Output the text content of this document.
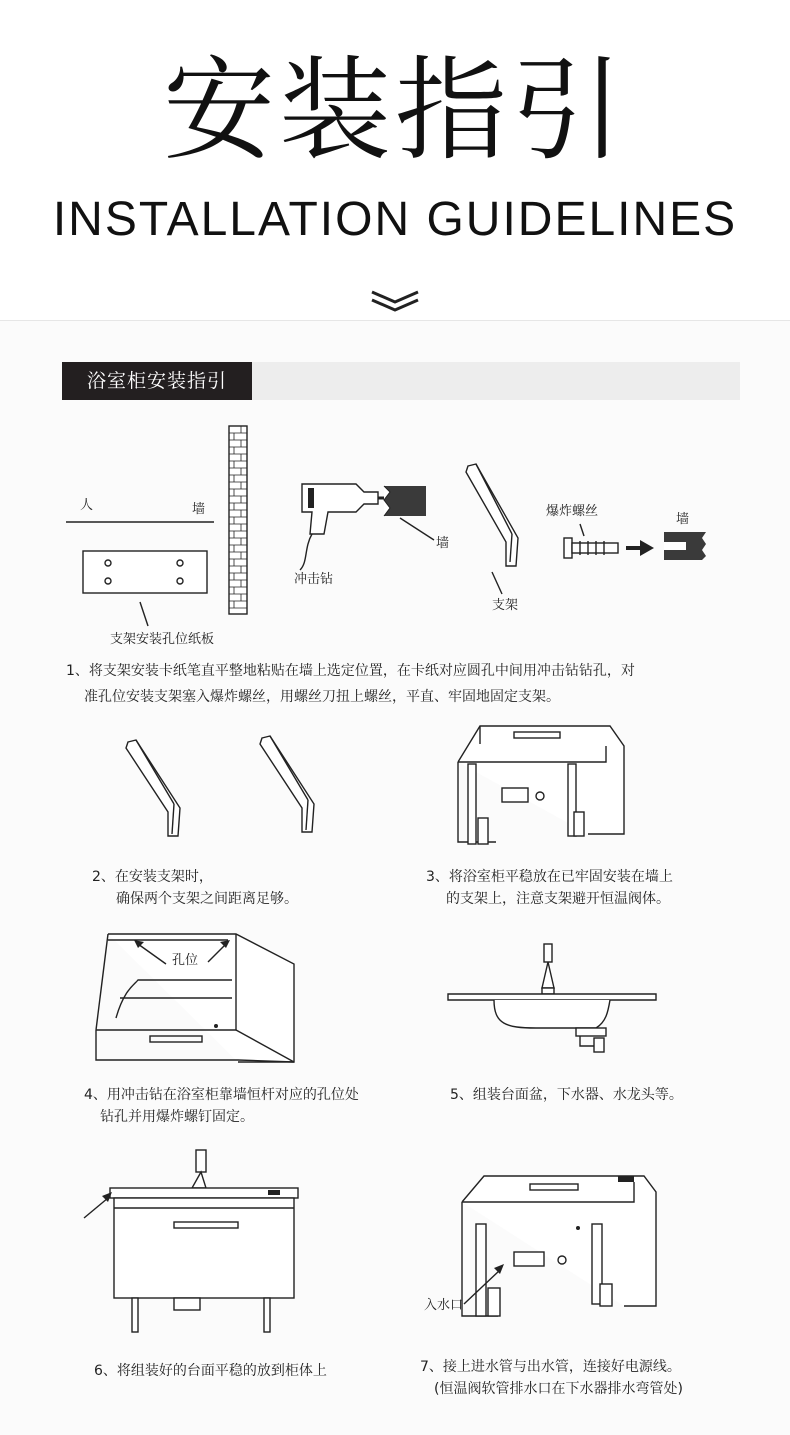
安装指引
INSTALLATION GUIDELINES
浴室柜安装指引
人	墙
支架安装孔位纸板
冲击钻
墙
支架
爆炸螺丝
墙
1、将支架安装卡纸笔直平整地粘贴在墙上选定位置，在卡纸对应圆孔中间用冲击钻钻孔，对
准孔位安装支架塞入爆炸螺丝，用螺丝刀扭上螺丝，平直、牢固地固定支架。
2、在安装支架时，
确保两个支架之间距离足够。
3、将浴室柜平稳放在已牢固安装在墙上
的支架上，注意支架避开恒温阀体。
孔位
4、用冲击钻在浴室柜靠墙恒杆对应的孔位处
钻孔并用爆炸螺钉固定。
5、组装台面盆，下水器、水龙头等。
6、将组装好的台面平稳的放到柜体上
入水口
7、接上进水管与出水管，连接好电源线。
(恒温阀软管排水口在下水器排水弯管处)
